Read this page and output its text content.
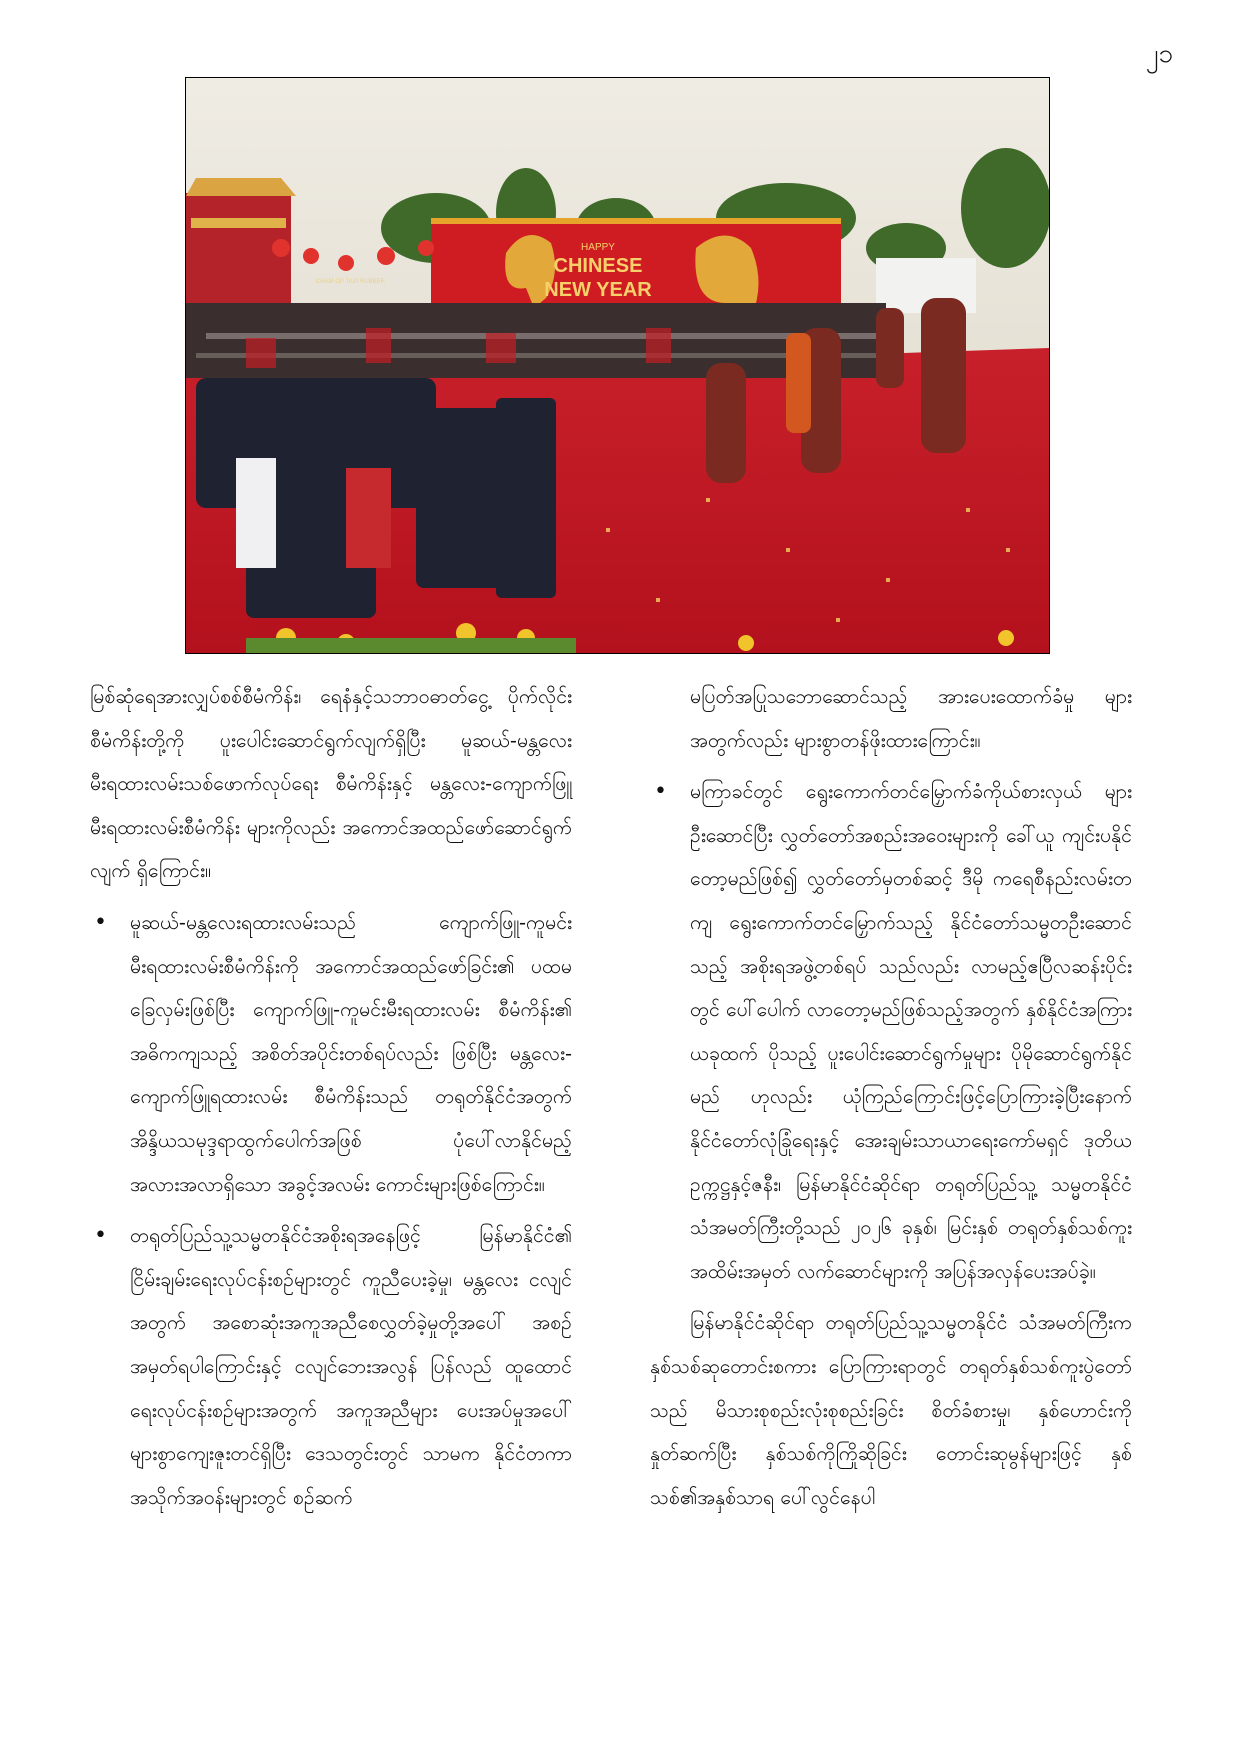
၂၁
HAPPY
CHINESE
NEW YEAR
CHAM OP TAXI RUBBER

မြစ်ဆုံရေအားလျှပ်စစ်စီမံကိန်း၊ ရေနံနှင့်သဘာဝဓာတ်ငွေ့ ပိုက်လိုင်းစီမံကိန်းတို့ကို ပူးပေါင်းဆောင်ရွက်လျက်ရှိပြီး မူဆယ်-မန္တလေး မီးရထားလမ်းသစ်ဖောက်လုပ်ရေး စီမံကိန်းနှင့် မန္တလေး-ကျောက်ဖြူမီးရထားလမ်းစီမံကိန်း များကိုလည်း အကောင်အထည်ဖော်ဆောင်ရွက်လျက် ရှိကြောင်း။

• မူဆယ်-မန္တလေးရထားလမ်းသည် ကျောက်ဖြူ-ကူမင်း မီးရထားလမ်းစီမံကိန်းကို အကောင်အထည်ဖော်ခြင်း၏ ပထမခြေလှမ်းဖြစ်ပြီး ကျောက်ဖြူ-ကူမင်းမီးရထားလမ်း စီမံကိန်း၏ အဓိကကျသည့် အစိတ်အပိုင်းတစ်ရပ်လည်း ဖြစ်ပြီး မန္တလေး-ကျောက်ဖြူရထားလမ်း စီမံကိန်းသည် တရုတ်နိုင်ငံအတွက် အိန္ဒိယသမုဒ္ဒရာထွက်ပေါက်အဖြစ် ပုံပေါ်လာနိုင်မည့် အလားအလာရှိသော အခွင့်အလမ်း ကောင်းများဖြစ်ကြောင်း။

• တရုတ်ပြည်သူ့သမ္မတနိုင်ငံအစိုးရအနေဖြင့် မြန်မာနိုင်ငံ၏ ငြိမ်းချမ်းရေးလုပ်ငန်းစဉ်များတွင် ကူညီပေးခဲ့မှု၊ မန္တလေး ငလျင်အတွက် အစောဆုံးအကူအညီစေလွှတ်ခဲ့မှုတို့အပေါ် အစဉ်အမှတ်ရပါကြောင်းနှင့် ငလျင်ဘေးအလွန် ပြန်လည် ထူထောင်ရေးလုပ်ငန်းစဉ်များအတွက် အကူအညီများ ပေးအပ်မှုအပေါ် များစွာကျေးဇူးတင်ရှိပြီး ဒေသတွင်းတွင် သာမက နိုင်ငံတကာအသိုက်အဝန်းများတွင် စဉ်ဆက်

မပြတ်အပြုသဘောဆောင်သည့် အားပေးထောက်ခံမှု များအတွက်လည်း များစွာတန်ဖိုးထားကြောင်း။

• မကြာခင်တွင် ရွေးကောက်တင်မြှောက်ခံကိုယ်စားလှယ် များဦးဆောင်ပြီး လွှတ်တော်အစည်းအဝေးများကို ခေါ်ယူ ကျင်းပနိုင်တော့မည်ဖြစ်၍ လွှတ်တော်မှတစ်ဆင့် ဒီမို ကရေစီနည်းလမ်းတကျ ရွေးကောက်တင်မြှောက်သည့် နိုင်ငံတော်သမ္မတဦးဆောင်သည့် အစိုးရအဖွဲ့တစ်ရပ် သည်လည်း လာမည့်ဧပြီလဆန်းပိုင်းတွင် ပေါ်ပေါက် လာတော့မည်ဖြစ်သည့်အတွက် နှစ်နိုင်ငံအကြား ယခုထက် ပိုသည့် ပူးပေါင်းဆောင်ရွက်မှုများ ပိုမိုဆောင်ရွက်နိုင်မည် ဟုလည်း ယုံကြည်ကြောင်းဖြင့်ပြောကြားခဲ့ပြီးနောက် နိုင်ငံတော်လုံခြုံရေးနှင့် အေးချမ်းသာယာရေးကော်မရှင် ဒုတိယဥက္ကဋ္ဌနှင့်ဇနီး၊ မြန်မာနိုင်ငံဆိုင်ရာ တရုတ်ပြည်သူ့ သမ္မတနိုင်ငံ သံအမတ်ကြီးတို့သည် ၂၀၂၆ ခုနှစ်၊ မြင်းနှစ် တရုတ်နှစ်သစ်ကူးအထိမ်းအမှတ် လက်ဆောင်များကို အပြန်အလှန်ပေးအပ်ခဲ့။

မြန်မာနိုင်ငံဆိုင်ရာ တရုတ်ပြည်သူ့သမ္မတနိုင်ငံ သံအမတ်ကြီးက နှစ်သစ်ဆုတောင်းစကား ပြောကြားရာတွင် တရုတ်နှစ်သစ်ကူးပွဲတော်သည် မိသားစုစည်းလုံးစုစည်းခြင်း စိတ်ခံစားမှု၊ နှစ်ဟောင်းကိုနှုတ်ဆက်ပြီး နှစ်သစ်ကိုကြိုဆိုခြင်း တောင်းဆုမွန်များဖြင့် နှစ်သစ်၏အနှစ်သာရ ပေါ်လွင်နေပါ
